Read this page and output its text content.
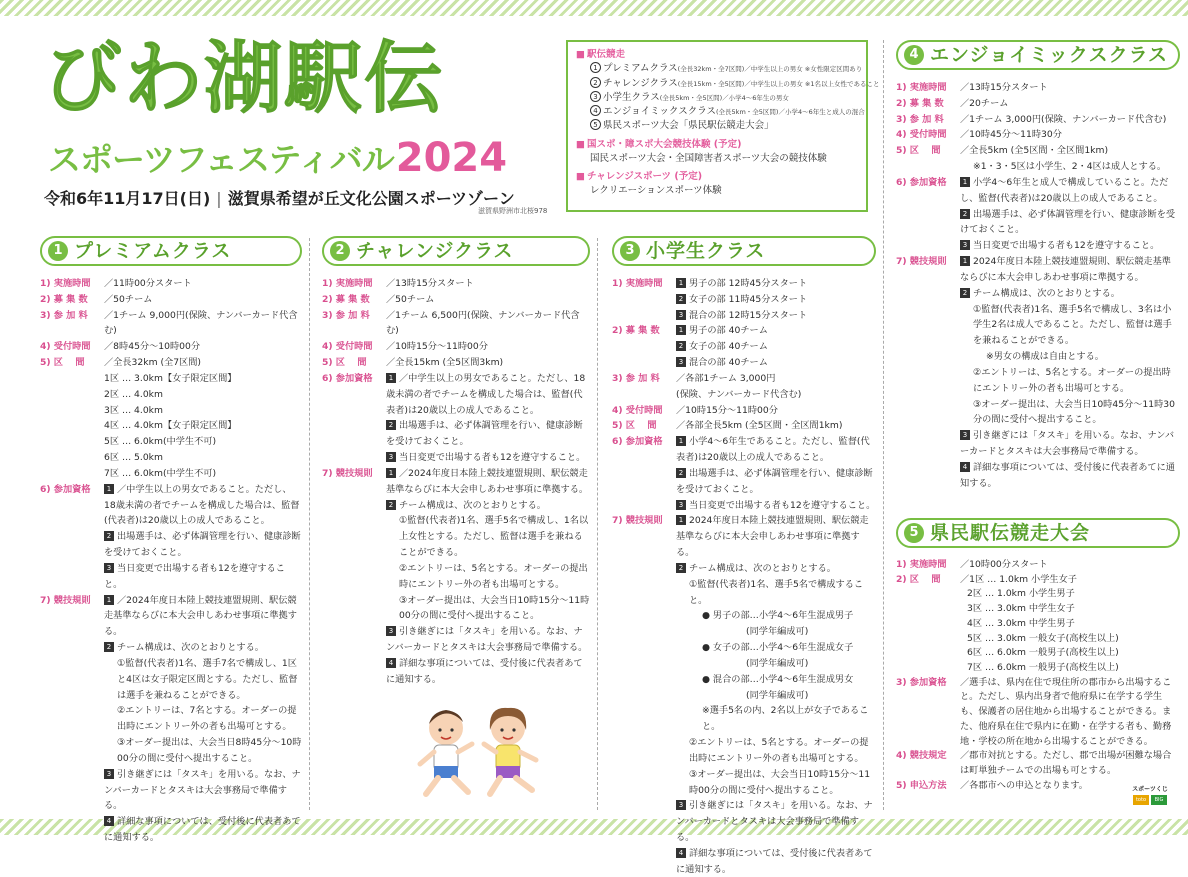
びわ湖駅伝
スポーツフェスティバル2024
令和6年11月17日(日) | 滋賀県希望が丘文化公園スポーツゾーン
滋賀県野洲市北桜978
■ 駅伝競走
1 プレミアムクラス(全長32km・全7区間)／中学生以上の男女 ※女性限定区間あり
2 チャレンジクラス(全長15km・全5区間)／中学生以上の男女 ※1名以上女性であること
3 小学生クラス(全長5km・全5区間)／小学4～6年生の男女
4 エンジョイミックスクラス(全長5km・全5区間)／小学4～6年生と成人の混合
5 県民スポーツ大会「県民駅伝競走大会」
■ 国スポ・障スポ大会競技体験 (予定)
国民スポーツ大会・全国障害者スポーツ大会の競技体験
■ チャレンジスポーツ (予定)
レクリエーションスポーツ体験
1 プレミアムクラス
1) 実施時間	／11時00分スタート
2) 募 集 数	／50チーム
3) 参 加 料	／1チーム 9,000円(保険、ナンバーカード代含む)
4) 受付時間	／8時45分～10時00分
5) 区 　間	／全長32km (全7区間)
1区 … 3.0km【女子限定区間】
2区 … 4.0km
3区 … 4.0km
4区 … 4.0km【女子限定区間】
5区 … 6.0km(中学生不可)
6区 … 5.0km
7区 … 6.0km(中学生不可)
6) 参加資格	1 ／中学生以上の男女であること。ただし、18歳未満の者でチームを構成した場合は、監督(代表者)は20歳以上の成人であること。
2 出場選手は、必ず体調管理を行い、健康診断を受けておくこと。
3 当日変更で出場する者も12を遵守すること。
7) 競技規則	1 ／2024年度日本陸上競技連盟規則、駅伝競走基準ならびに本大会申しあわせ事項に準拠する。
2 チーム構成は、次のとおりとする。
①監督(代表者)1名、選手7名で構成し、1区と4区は女子限定区間とする。ただし、監督は選手を兼ねることができる。
②エントリーは、7名とする。オーダーの提出時にエントリー外の者も出場可とする。
③オーダー提出は、大会当日8時45分～10時00分の間に受付へ提出すること。
3 引き継ぎには「タスキ」を用いる。なお、ナンバーカードとタスキは大会事務局で準備する。
4 詳細な事項については、受付後に代表者あてに通知する。
2 チャレンジクラス
1) 実施時間	／13時15分スタート
2) 募 集 数	／50チーム
3) 参 加 料	／1チーム 6,500円(保険、ナンバーカード代含む)
4) 受付時間	／10時15分～11時00分
5) 区 　間	／全長15km (全5区間3km)
6) 参加資格	1 ／中学生以上の男女であること。ただし、18歳未満の者でチームを構成した場合は、監督(代表者)は20歳以上の成人であること。
2 出場選手は、必ず体調管理を行い、健康診断を受けておくこと。
3 当日変更で出場する者も12を遵守すること。
7) 競技規則	1 ／2024年度日本陸上競技連盟規則、駅伝競走基準ならびに本大会申しあわせ事項に準拠する。
2 チーム構成は、次のとおりとする。
①監督(代表者)1名、選手5名で構成し、1名以上女性とする。ただし、監督は選手を兼ねることができる。
②エントリーは、5名とする。オーダーの提出時にエントリー外の者も出場可とする。
③オーダー提出は、大会当日10時15分～11時00分の間に受付へ提出すること。
3 引き継ぎには「タスキ」を用いる。なお、ナンバーカードとタスキは大会事務局で準備する。
4 詳細な事項については、受付後に代表者あてに通知する。
3 小学生クラス
1) 実施時間	1 男子の部 12時45分スタート
2 女子の部 11時45分スタート
3 混合の部 12時15分スタート
2) 募 集 数	1 男子の部 40チーム
2 女子の部 40チーム
3 混合の部 40チーム
3) 参 加 料	／各部1チーム 3,000円
(保険、ナンバーカード代含む)
4) 受付時間	／10時15分～11時00分
5) 区 　間	／各部全長5km (全5区間・全区間1km)
6) 参加資格	1 小学4～6年生であること。ただし、監督(代表者)は20歳以上の成人であること。
2 出場選手は、必ず体調管理を行い、健康診断を受けておくこと。
3 当日変更で出場する者も12を遵守すること。
7) 競技規則	1 2024年度日本陸上競技連盟規則、駅伝競走基準ならびに本大会申しあわせ事項に準拠する。
2 チーム構成は、次のとおりとする。
①監督(代表者)1名、選手5名で構成すること。
● 男子の部…小学4～6年生混成男子
(同学年編成可)
● 女子の部…小学4～6年生混成女子
(同学年編成可)
● 混合の部…小学4～6年生混成男女
(同学年編成可)
※選手5名の内、2名以上が女子であること。
②エントリーは、5名とする。オーダーの提出時にエントリー外の者も出場可とする。
③オーダー提出は、大会当日10時15分～11時00分の間に受付へ提出すること。
3 引き継ぎには「タスキ」を用いる。なお、ナンバーカードとタスキは大会事務局で準備する。
4 詳細な事項については、受付後に代表者あてに通知する。
4 エンジョイミックスクラス
1) 実施時間	／13時15分スタート
2) 募 集 数	／20チーム
3) 参 加 料	／1チーム 3,000円(保険、ナンバーカード代含む)
4) 受付時間	／10時45分～11時30分
5) 区 　間	／全長5km (全5区間・全区間1km)
※1・3・5区は小学生、2・4区は成人とする。
6) 参加資格	1 小学4～6年生と成人で構成していること。ただし、監督(代表者)は20歳以上の成人であること。
2 出場選手は、必ず体調管理を行い、健康診断を受けておくこと。
3 当日変更で出場する者も12を遵守すること。
7) 競技規則	1 2024年度日本陸上競技連盟規則、駅伝競走基準ならびに本大会申しあわせ事項に準拠する。
2 チーム構成は、次のとおりとする。
①監督(代表者)1名、選手5名で構成し、3名は小学生2名は成人であること。ただし、監督は選手を兼ねることができる。
※男女の構成は自由とする。
②エントリーは、5名とする。オーダーの提出時にエントリー外の者も出場可とする。
③オーダー提出は、大会当日10時45分～11時30分の間に受付へ提出すること。
3 引き継ぎには「タスキ」を用いる。なお、ナンバーカードとタスキは大会事務局で準備する。
4 詳細な事項については、受付後に代表者あてに通知する。
5 県民駅伝競走大会
1) 実施時間	／10時00分スタート
2) 区 　間	／1区 … 1.0km 小学生女子
2区 … 1.0km 小学生男子
3区 … 3.0km 中学生女子
4区 … 3.0km 中学生男子
5区 … 3.0km 一般女子(高校生以上)
6区 … 6.0km 一般男子(高校生以上)
7区 … 6.0km 一般男子(高校生以上)
3) 参加資格	／選手は、県内在住で現住所の郡市から出場すること。ただし、県内出身者で他府県に在学する学生も、保護者の居住地から出場することができる。また、他府県在住で県内に在勤・在学する者も、勤務地・学校の所在地から出場することができる。
4) 競技規定	／郡市対抗とする。ただし、郡で出場が困難な場合は町単独チームでの出場も可とする。
5) 申込方法	／各郡市への申込となります。	スポーツくじ
toto	BIG
